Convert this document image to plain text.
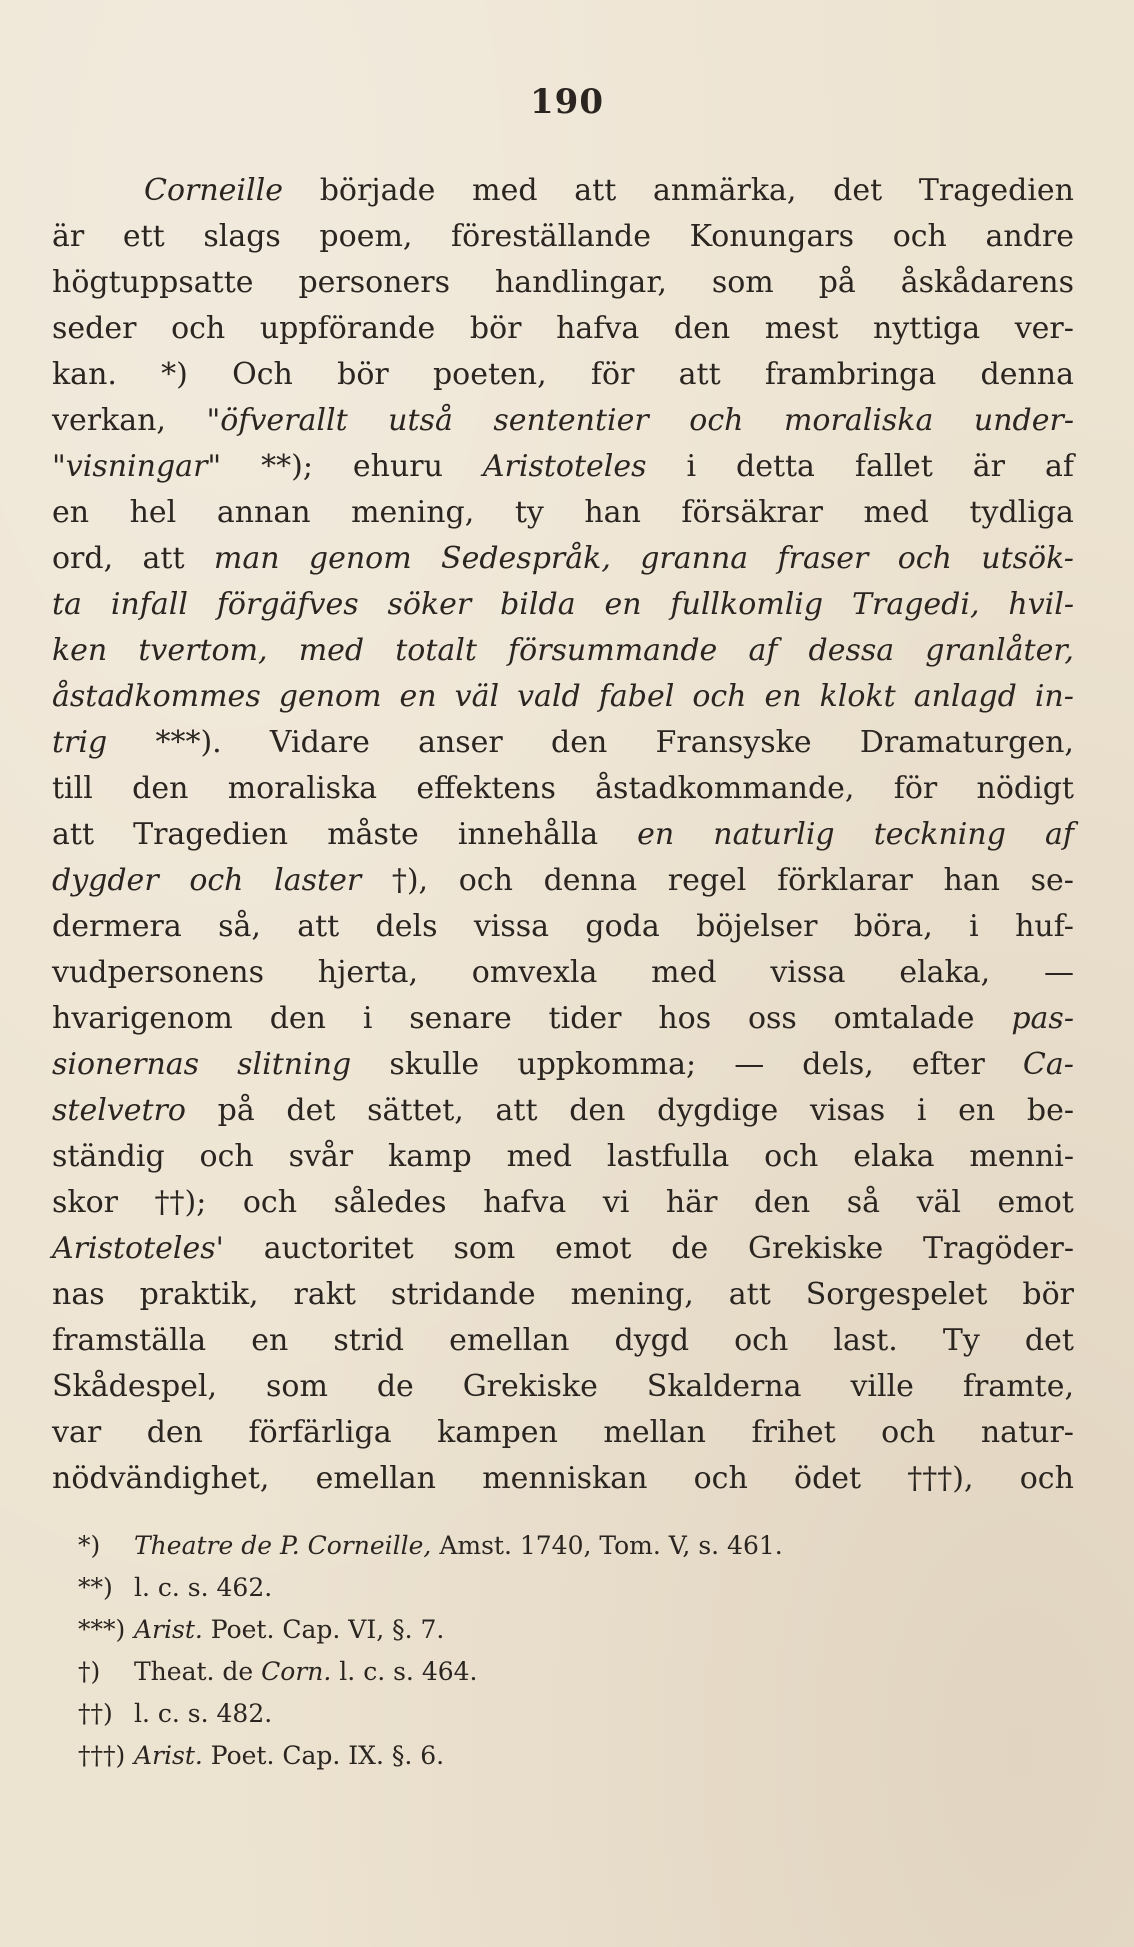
190
Corneille började med att anmärka, det Tragedien
är ett slags poem, föreställande Konungars och andre
högtuppsatte personers handlingar, som på åskådarens
seder och uppförande bör hafva den mest nyttiga ver-
kan. *) Och bör poeten, för att frambringa denna
verkan, "öfverallt utså sententier och moraliska under-
"visningar" **); ehuru Aristoteles i detta fallet är af
en hel annan mening, ty han försäkrar med tydliga
ord, att man genom Sedespråk, granna fraser och utsök-
ta infall förgäfves söker bilda en fullkomlig Tragedi, hvil-
ken tvertom, med totalt försummande af dessa granlåter,
åstadkommes genom en väl vald fabel och en klokt anlagd in-
trig ***). Vidare anser den Fransyske Dramaturgen,
till den moraliska effektens åstadkommande, för nödigt
att Tragedien måste innehålla en naturlig teckning af
dygder och laster †), och denna regel förklarar han se-
dermera så, att dels vissa goda böjelser böra, i huf-
vudpersonens hjerta, omvexla med vissa elaka, —
hvarigenom den i senare tider hos oss omtalade pas-
sionernas slitning skulle uppkomma; — dels, efter Ca-
stelvetro på det sättet, att den dygdige visas i en be-
ständig och svår kamp med lastfulla och elaka menni-
skor ††); och således hafva vi här den så väl emot
Aristoteles' auctoritet som emot de Grekiske Tragöder-
nas praktik, rakt stridande mening, att Sorgespelet bör
framställa en strid emellan dygd och last. Ty det
Skådespel, som de Grekiske Skalderna ville framte,
var den förfärliga kampen mellan frihet och natur-
nödvändighet, emellan menniskan och ödet †††), och
*) Theatre de P. Corneille, Amst. 1740, Tom. V, s. 461.
**) l. c. s. 462.
***) Arist. Poet. Cap. VI, §. 7.
†) Theat. de Corn. l. c. s. 464.
††) l. c. s. 482.
†††) Arist. Poet. Cap. IX. §. 6.
